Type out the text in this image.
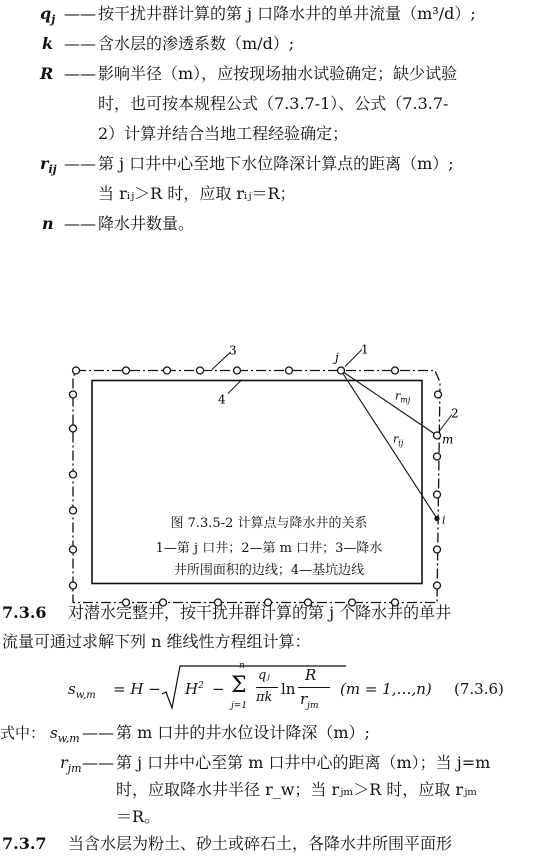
$q_j$ —— 按干扰井群计算的第 j 口降水井的单井流量（m³/d）;
k —— 含水层的渗透系数（m/d）;
R —— 影响半径（m），应按现场抽水试验确定；缺少试验
时，也可按本规程公式（7.3.7-1）、公式（7.3.7-
2）计算并结合当地工程经验确定；
$r_{ij}$ —— 第 j 口井中心至地下水位降深计算点的距离（m）;
当 rᵢⱼ＞R 时，应取 rᵢⱼ＝R；
n —— 降水井数量。
3
4
j
1
2
m
i
$r_{mj}$
$r_{ij}$
图 7.3.5-2 计算点与降水井的关系
1—第 j 口井；2—第 m 口井；3—降水
井所围面积的边线；4—基坑边线
7.3.6 对潜水完整井，按干扰井群计算的第 j 个降水井的单井
流量可通过求解下列 n 维线性方程组计算：
$s_{w,m} = H - H^2$ −
n
Σ
j=1
qⱼ
πk ln
R
$r_{jm}$
(m = 1,…,n) (7.3.6)
式中： $s_{w,m}$ —— 第 m 口井的井水位设计降深（m）;
$r_{jm}$ —— 第 j 口井中心至第 m 口井中心的距离（m）；当 j=m
时，应取降水井半径 r_w；当 rⱼₘ＞R 时，应取 rⱼₘ
＝R。
7.3.7 当含水层为粉土、砂土或碎石土，各降水井所围平面形
